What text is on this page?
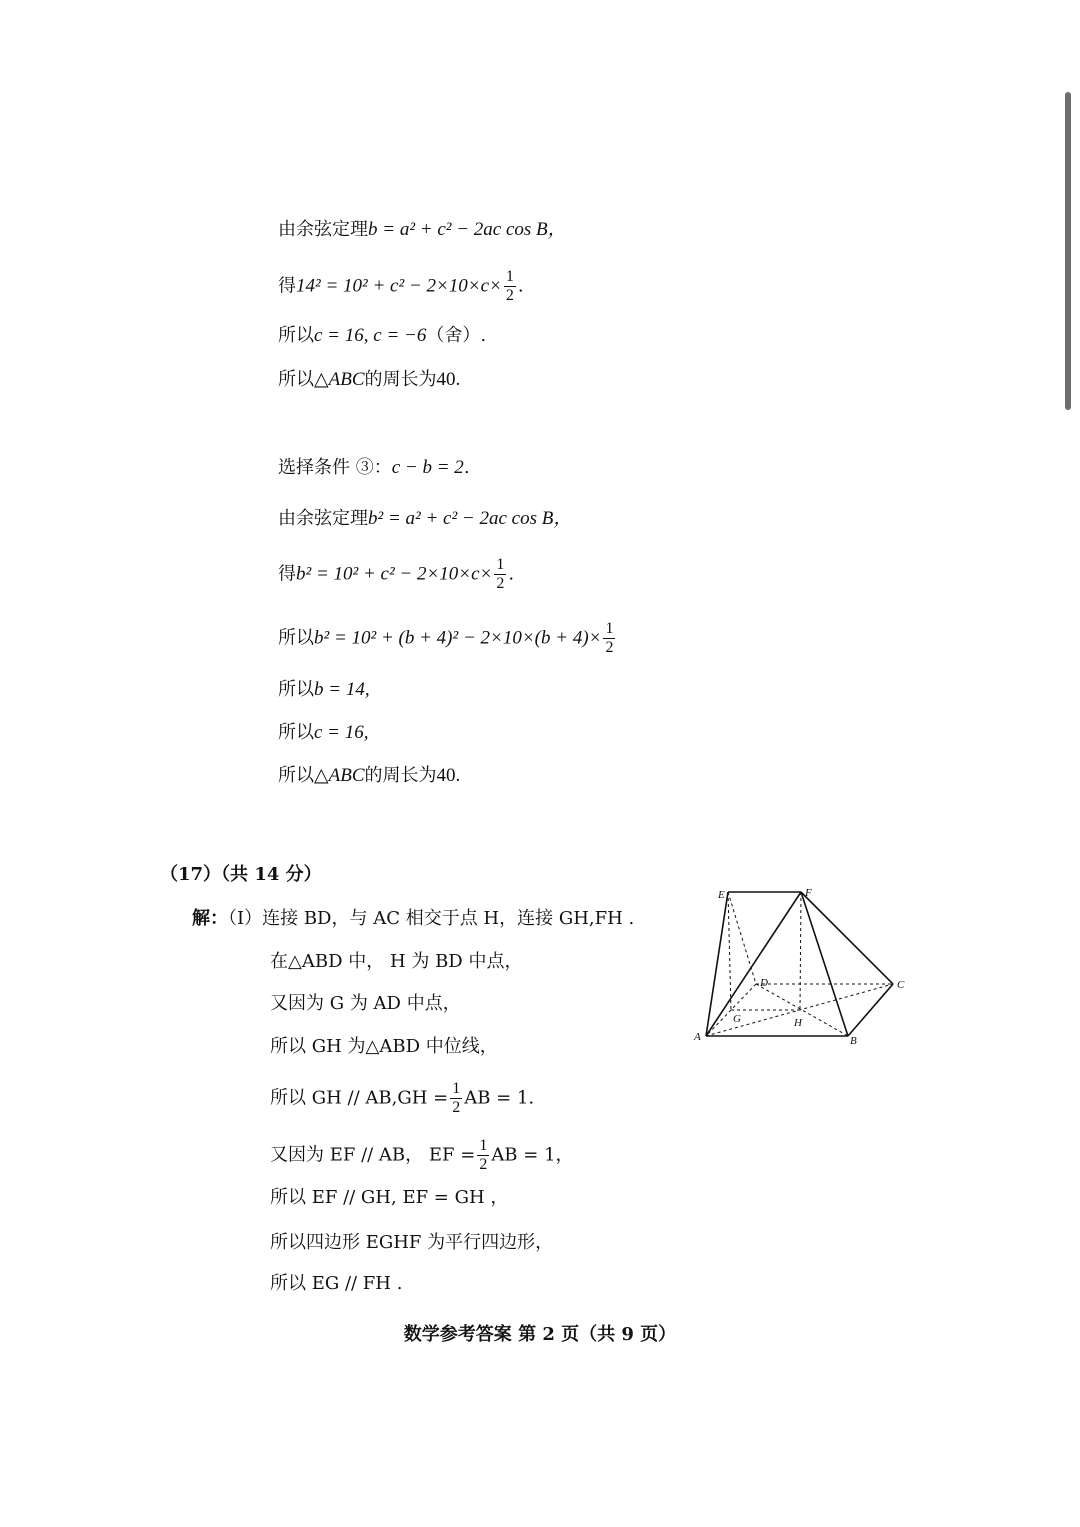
由余弦定理b = a² + c² − 2ac cos B，
得$14^2 = 10^2 + c^2 - 2\times 10\times c\times \frac{1}{2}$ .
所以c = 16, c = −6（舍）.
所以△ABC的周长为40.
选择条件 ③：c − b = 2.
由余弦定理b² = a² + c² − 2ac cos B，
得$b^2 = 10^2 + c^2 - 2\times 10\times c\times \frac{1}{2}$ .
所以$b^2 = 10^2 + (b + 4)^2 - 2\times 10\times(b + 4)\times \frac{1}{2}$
所以b = 14,
所以c = 16,
所以△ABC的周长为40.
（17）（共 14 分）
解：（Ⅰ）连接 BD，与 AC 相交于点 H，连接 GH,FH .
在△ABD 中， H 为 BD 中点，
又因为 G 为 AD 中点，
所以 GH 为△ABD 中位线，
所以 GH // $AB,GH = \frac{1}{2}$ AB = 1.
又因为 EF // AB， EF = $\frac{1}{2}$ AB = 1，
所以 EF // GH, EF = GH ，
所以四边形 EGHF 为平行四边形，
所以 EG // FH .
E	F
D	C
A
G	H
B
数学参考答案 第 2 页（共 9 页）
